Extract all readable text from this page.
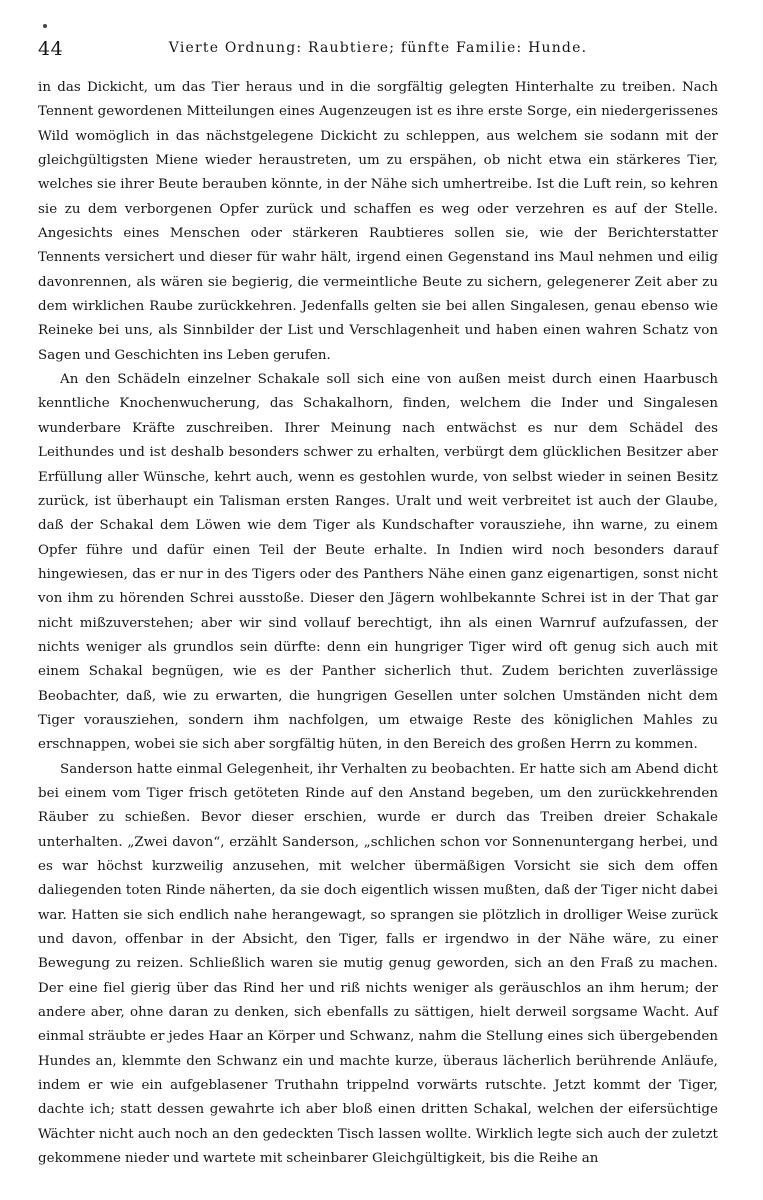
44	Vierte Ordnung: Raubtiere; fünfte Familie: Hunde.

in das Dickicht, um das Tier heraus und in die sorgfältig gelegten Hinterhalte zu treiben. Nach Tennent gewordenen Mitteilungen eines Augenzeugen ist es ihre erste Sorge, ein niedergerissenes Wild womöglich in das nächstgelegene Dickicht zu schleppen, aus welchem sie sodann mit der gleichgültigsten Miene wieder heraustreten, um zu erspähen, ob nicht etwa ein stärkeres Tier, welches sie ihrer Beute berauben könnte, in der Nähe sich umhertreibe. Ist die Luft rein, so kehren sie zu dem verborgenen Opfer zurück und schaffen es weg oder verzehren es auf der Stelle. Angesichts eines Menschen oder stärkeren Raubtieres sollen sie, wie der Berichterstatter Tennents versichert und dieser für wahr hält, irgend einen Gegenstand ins Maul nehmen und eilig davonrennen, als wären sie begierig, die vermeintliche Beute zu sichern, gelegenerer Zeit aber zu dem wirklichen Raube zurückkehren. Jedenfalls gelten sie bei allen Singalesen, genau ebenso wie Reineke bei uns, als Sinnbilder der List und Verschlagenheit und haben einen wahren Schatz von Sagen und Geschichten ins Leben gerufen.

An den Schädeln einzelner Schakale soll sich eine von außen meist durch einen Haarbusch kenntliche Knochenwucherung, das Schakalhorn, finden, welchem die Inder und Singalesen wunderbare Kräfte zuschreiben. Ihrer Meinung nach entwächst es nur dem Schädel des Leithundes und ist deshalb besonders schwer zu erhalten, verbürgt dem glücklichen Besitzer aber Erfüllung aller Wünsche, kehrt auch, wenn es gestohlen wurde, von selbst wieder in seinen Besitz zurück, ist überhaupt ein Talisman ersten Ranges. Uralt und weit verbreitet ist auch der Glaube, daß der Schakal dem Löwen wie dem Tiger als Kundschafter vorausziehe, ihn warne, zu einem Opfer führe und dafür einen Teil der Beute erhalte. In Indien wird noch besonders darauf hingewiesen, das er nur in des Tigers oder des Panthers Nähe einen ganz eigenartigen, sonst nicht von ihm zu hörenden Schrei ausstoße. Dieser den Jägern wohlbekannte Schrei ist in der That gar nicht mißzuverstehen; aber wir sind vollauf berechtigt, ihn als einen Warnruf aufzufassen, der nichts weniger als grundlos sein dürfte: denn ein hungriger Tiger wird oft genug sich auch mit einem Schakal begnügen, wie es der Panther sicherlich thut. Zudem berichten zuverlässige Beobachter, daß, wie zu erwarten, die hungrigen Gesellen unter solchen Umständen nicht dem Tiger vorausziehen, sondern ihm nachfolgen, um etwaige Reste des königlichen Mahles zu erschnappen, wobei sie sich aber sorgfältig hüten, in den Bereich des großen Herrn zu kommen.

Sanderson hatte einmal Gelegenheit, ihr Verhalten zu beobachten. Er hatte sich am Abend dicht bei einem vom Tiger frisch getöteten Rinde auf den Anstand begeben, um den zurückkehrenden Räuber zu schießen. Bevor dieser erschien, wurde er durch das Treiben dreier Schakale unterhalten. „Zwei davon“, erzählt Sanderson, „schlichen schon vor Sonnenuntergang herbei, und es war höchst kurzweilig anzusehen, mit welcher übermäßigen Vorsicht sie sich dem offen daliegenden toten Rinde näherten, da sie doch eigentlich wissen mußten, daß der Tiger nicht dabei war. Hatten sie sich endlich nahe herangewagt, so sprangen sie plötzlich in drolliger Weise zurück und davon, offenbar in der Absicht, den Tiger, falls er irgendwo in der Nähe wäre, zu einer Bewegung zu reizen. Schließlich waren sie mutig genug geworden, sich an den Fraß zu machen. Der eine fiel gierig über das Rind her und riß nichts weniger als geräuschlos an ihm herum; der andere aber, ohne daran zu denken, sich ebenfalls zu sättigen, hielt derweil sorgsame Wacht. Auf einmal sträubte er jedes Haar an Körper und Schwanz, nahm die Stellung eines sich übergebenden Hundes an, klemmte den Schwanz ein und machte kurze, überaus lächerlich berührende Anläufe, indem er wie ein aufgeblasener Truthahn trippelnd vorwärts rutschte. Jetzt kommt der Tiger, dachte ich; statt dessen gewahrte ich aber bloß einen dritten Schakal, welchen der eifersüchtige Wächter nicht auch noch an den gedeckten Tisch lassen wollte. Wirklich legte sich auch der zuletzt gekommene nieder und wartete mit scheinbarer Gleichgültigkeit, bis die Reihe an
